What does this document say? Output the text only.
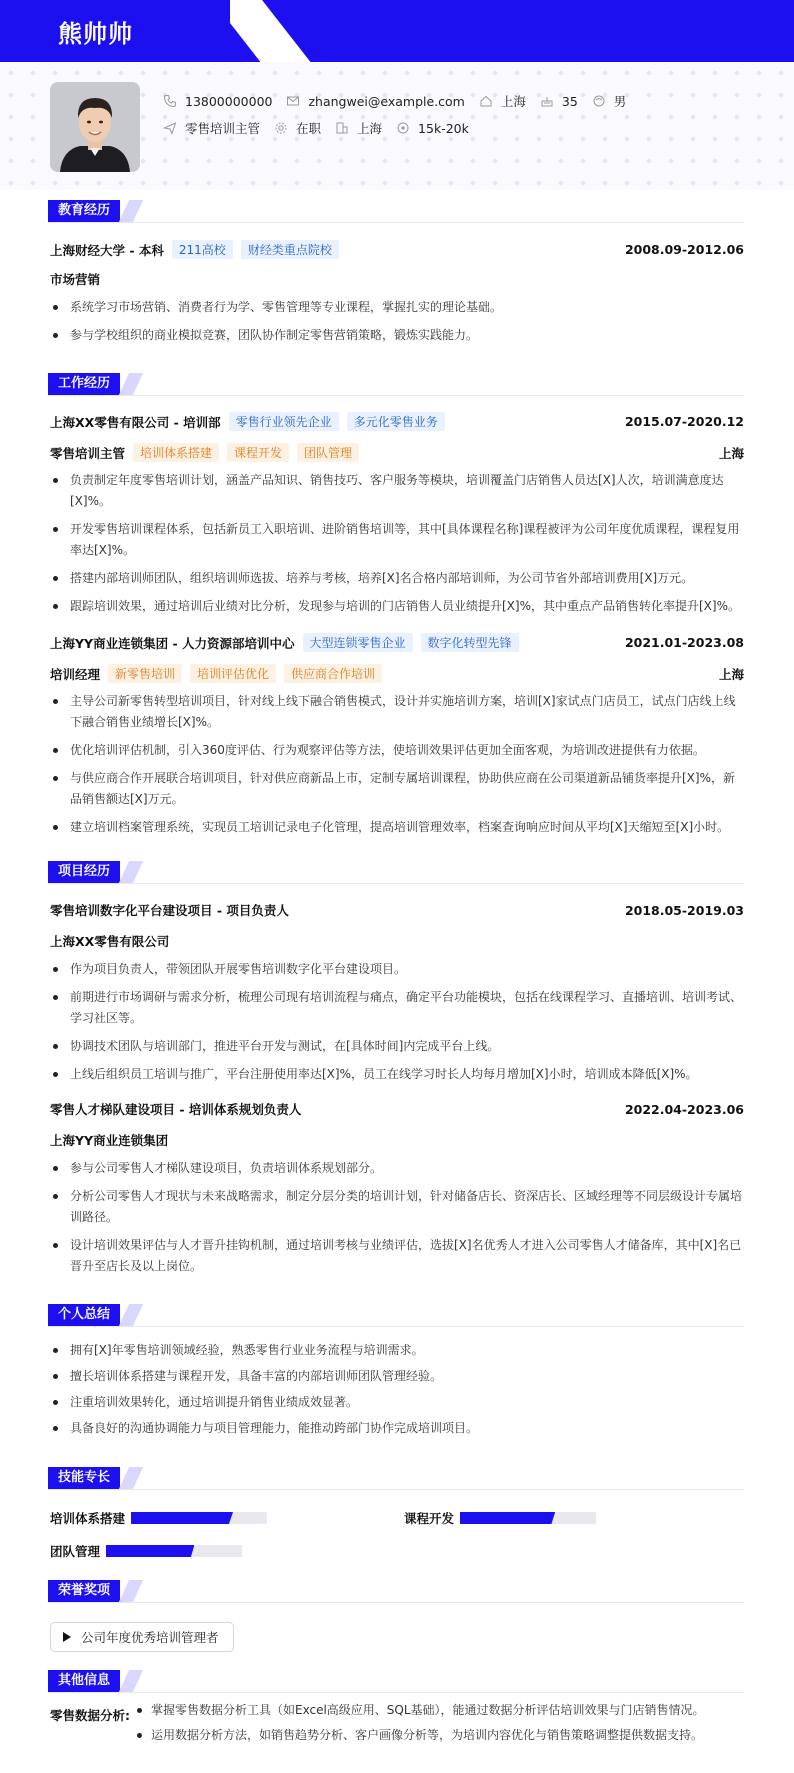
熊帅帅
13800000000	zhangwei@example.com	上海	35	男
零售培训主管	在职	上海	15k-20k
教育经历
上海财经大学 - 本科	211高校	财经类重点院校	2008.09-2012.06
市场营销
系统学习市场营销、消费者行为学、零售管理等专业课程，掌握扎实的理论基础。
参与学校组织的商业模拟竞赛，团队协作制定零售营销策略，锻炼实践能力。
工作经历
上海XX零售有限公司 - 培训部	零售行业领先企业	多元化零售业务	2015.07-2020.12
零售培训主管	培训体系搭建	课程开发	团队管理	上海
负责制定年度零售培训计划，涵盖产品知识、销售技巧、客户服务等模块，培训覆盖门店销售人员达[X]人次，培训满意度达[X]%。
开发零售培训课程体系，包括新员工入职培训、进阶销售培训等，其中[具体课程名称]课程被评为公司年度优质课程，课程复用率达[X]%。
搭建内部培训师团队，组织培训师选拔、培养与考核，培养[X]名合格内部培训师，为公司节省外部培训费用[X]万元。
跟踪培训效果，通过培训后业绩对比分析，发现参与培训的门店销售人员业绩提升[X]%，其中重点产品销售转化率提升[X]%。
上海YY商业连锁集团 - 人力资源部培训中心	大型连锁零售企业	数字化转型先锋	2021.01-2023.08
培训经理	新零售培训	培训评估优化	供应商合作培训	上海
主导公司新零售转型培训项目，针对线上线下融合销售模式，设计并实施培训方案，培训[X]家试点门店员工，试点门店线上线下融合销售业绩增长[X]%。
优化培训评估机制，引入360度评估、行为观察评估等方法，使培训效果评估更加全面客观，为培训改进提供有力依据。
与供应商合作开展联合培训项目，针对供应商新品上市，定制专属培训课程，协助供应商在公司渠道新品铺货率提升[X]%，新品销售额达[X]万元。
建立培训档案管理系统，实现员工培训记录电子化管理，提高培训管理效率，档案查询响应时间从平均[X]天缩短至[X]小时。
项目经历
零售培训数字化平台建设项目 - 项目负责人	2018.05-2019.03
上海XX零售有限公司
作为项目负责人，带领团队开展零售培训数字化平台建设项目。
前期进行市场调研与需求分析，梳理公司现有培训流程与痛点，确定平台功能模块，包括在线课程学习、直播培训、培训考试、学习社区等。
协调技术团队与培训部门，推进平台开发与测试，在[具体时间]内完成平台上线。
上线后组织员工培训与推广，平台注册使用率达[X]%，员工在线学习时长人均每月增加[X]小时，培训成本降低[X]%。
零售人才梯队建设项目 - 培训体系规划负责人	2022.04-2023.06
上海YY商业连锁集团
参与公司零售人才梯队建设项目，负责培训体系规划部分。
分析公司零售人才现状与未来战略需求，制定分层分类的培训计划，针对储备店长、资深店长、区域经理等不同层级设计专属培训路径。
设计培训效果评估与人才晋升挂钩机制，通过培训考核与业绩评估，选拔[X]名优秀人才进入公司零售人才储备库，其中[X]名已晋升至店长及以上岗位。
个人总结
拥有[X]年零售培训领域经验，熟悉零售行业业务流程与培训需求。
擅长培训体系搭建与课程开发，具备丰富的内部培训师团队管理经验。
注重培训效果转化，通过培训提升销售业绩成效显著。
具备良好的沟通协调能力与项目管理能力，能推动跨部门协作完成培训项目。
技能专长
培训体系搭建	课程开发
团队管理
荣誉奖项
公司年度优秀培训管理者
其他信息
零售数据分析:	掌握零售数据分析工具（如Excel高级应用、SQL基础），能通过数据分析评估培训效果与门店销售情况。
运用数据分析方法，如销售趋势分析、客户画像分析等，为培训内容优化与销售策略调整提供数据支持。
